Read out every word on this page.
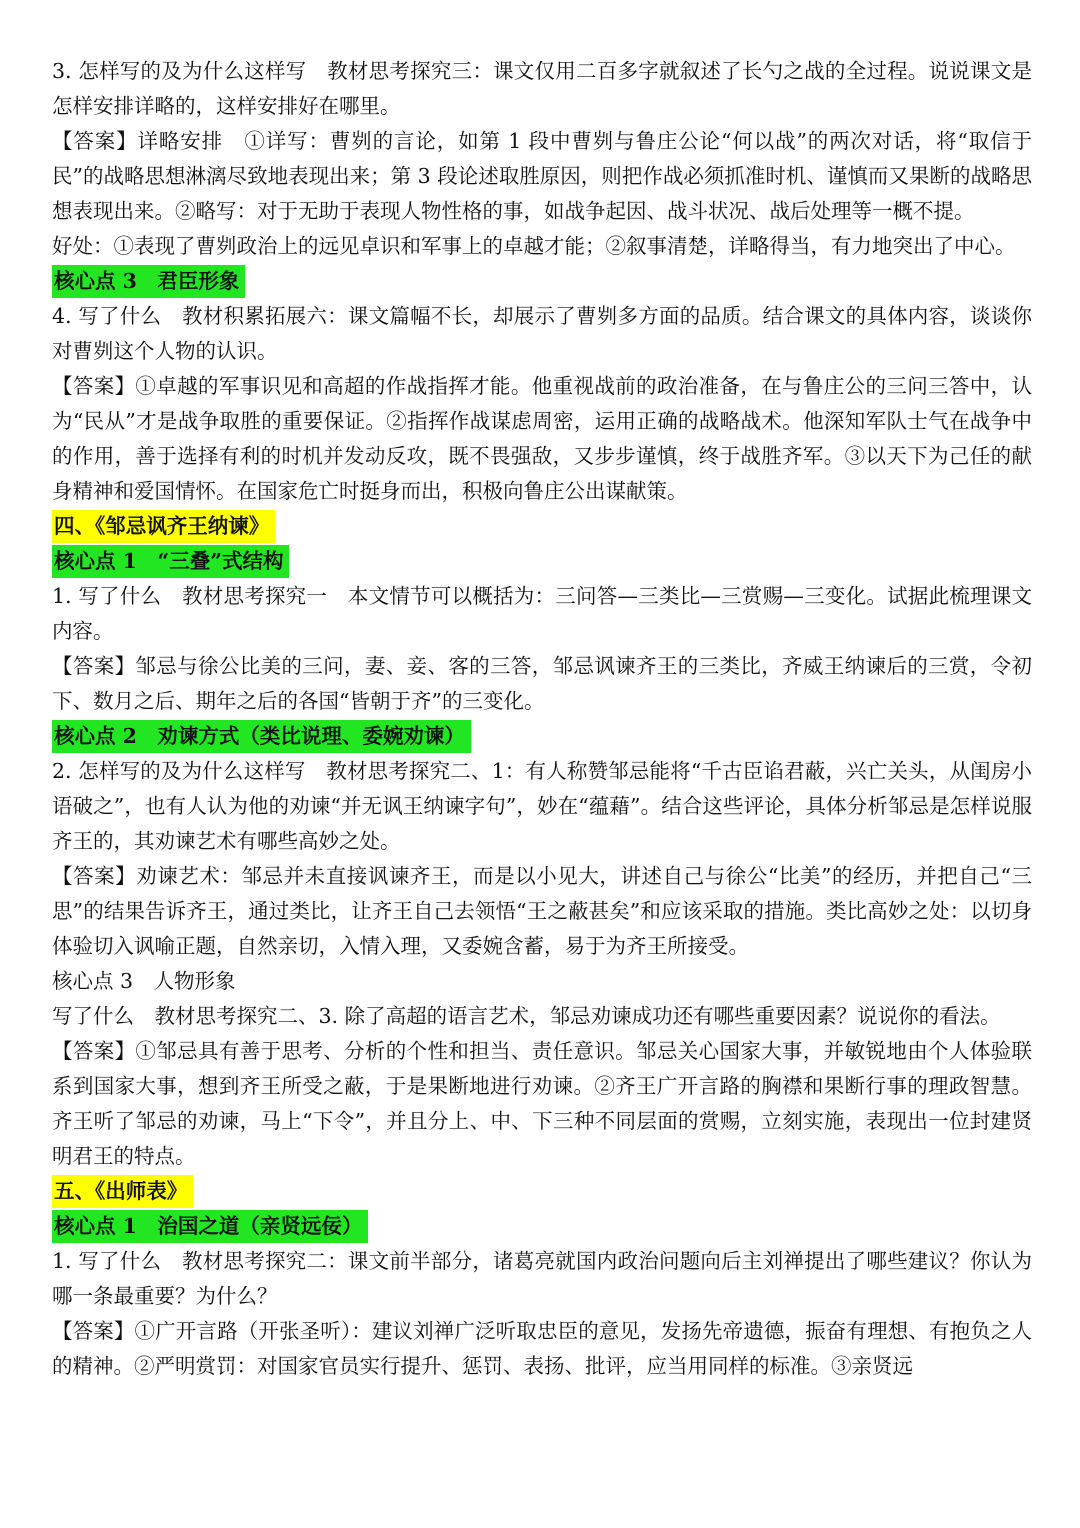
3. 怎样写的及为什么这样写　教材思考探究三：课文仅用二百多字就叙述了长勺之战的全过程。说说课文是怎样安排详略的，这样安排好在哪里。

【答案】详略安排　①详写：曹刿的言论，如第 1 段中曹刿与鲁庄公论“何以战”的两次对话，将“取信于民”的战略思想淋漓尽致地表现出来；第 3 段论述取胜原因，则把作战必须抓准时机、谨慎而又果断的战略思想表现出来。②略写：对于无助于表现人物性格的事，如战争起因、战斗状况、战后处理等一概不提。

好处：①表现了曹刿政治上的远见卓识和军事上的卓越才能；②叙事清楚，详略得当，有力地突出了中心。

核心点 3　君臣形象

4. 写了什么　教材积累拓展六：课文篇幅不长，却展示了曹刿多方面的品质。结合课文的具体内容，谈谈你对曹刿这个人物的认识。

【答案】①卓越的军事识见和高超的作战指挥才能。他重视战前的政治准备，在与鲁庄公的三问三答中，认为“民从”才是战争取胜的重要保证。②指挥作战谋虑周密，运用正确的战略战术。他深知军队士气在战争中的作用，善于选择有利的时机并发动反攻，既不畏强敌，又步步谨慎，终于战胜齐军。③以天下为己任的献身精神和爱国情怀。在国家危亡时挺身而出，积极向鲁庄公出谋献策。

四、《邹忌讽齐王纳谏》

核心点 1　“三叠”式结构

1. 写了什么　教材思考探究一　本文情节可以概括为：三问答—三类比—三赏赐—三变化。试据此梳理课文内容。

【答案】邹忌与徐公比美的三问，妻、妾、客的三答，邹忌讽谏齐王的三类比，齐威王纳谏后的三赏，令初下、数月之后、期年之后的各国“皆朝于齐”的三变化。

核心点 2　劝谏方式（类比说理、委婉劝谏）

2. 怎样写的及为什么这样写　教材思考探究二、1：有人称赞邹忌能将“千古臣谄君蔽，兴亡关头，从闺房小语破之”，也有人认为他的劝谏“并无讽王纳谏字句”，妙在“蕴藉”。结合这些评论，具体分析邹忌是怎样说服齐王的，其劝谏艺术有哪些高妙之处。

【答案】劝谏艺术：邹忌并未直接讽谏齐王，而是以小见大，讲述自己与徐公“比美”的经历，并把自己“三思”的结果告诉齐王，通过类比，让齐王自己去领悟“王之蔽甚矣”和应该采取的措施。类比高妙之处：以切身体验切入讽喻正题，自然亲切，入情入理，又委婉含蓄，易于为齐王所接受。

核心点 3　人物形象

写了什么　教材思考探究二、3. 除了高超的语言艺术，邹忌劝谏成功还有哪些重要因素？说说你的看法。

【答案】①邹忌具有善于思考、分析的个性和担当、责任意识。邹忌关心国家大事，并敏锐地由个人体验联系到国家大事，想到齐王所受之蔽，于是果断地进行劝谏。②齐王广开言路的胸襟和果断行事的理政智慧。齐王听了邹忌的劝谏，马上“下令”，并且分上、中、下三种不同层面的赏赐，立刻实施，表现出一位封建贤明君王的特点。

五、《出师表》

核心点 1　治国之道（亲贤远佞）

1. 写了什么　教材思考探究二：课文前半部分，诸葛亮就国内政治问题向后主刘禅提出了哪些建议？你认为哪一条最重要？为什么？

【答案】①广开言路（开张圣听）：建议刘禅广泛听取忠臣的意见，发扬先帝遗德，振奋有理想、有抱负之人的精神。②严明赏罚：对国家官员实行提升、惩罚、表扬、批评，应当用同样的标准。③亲贤远
